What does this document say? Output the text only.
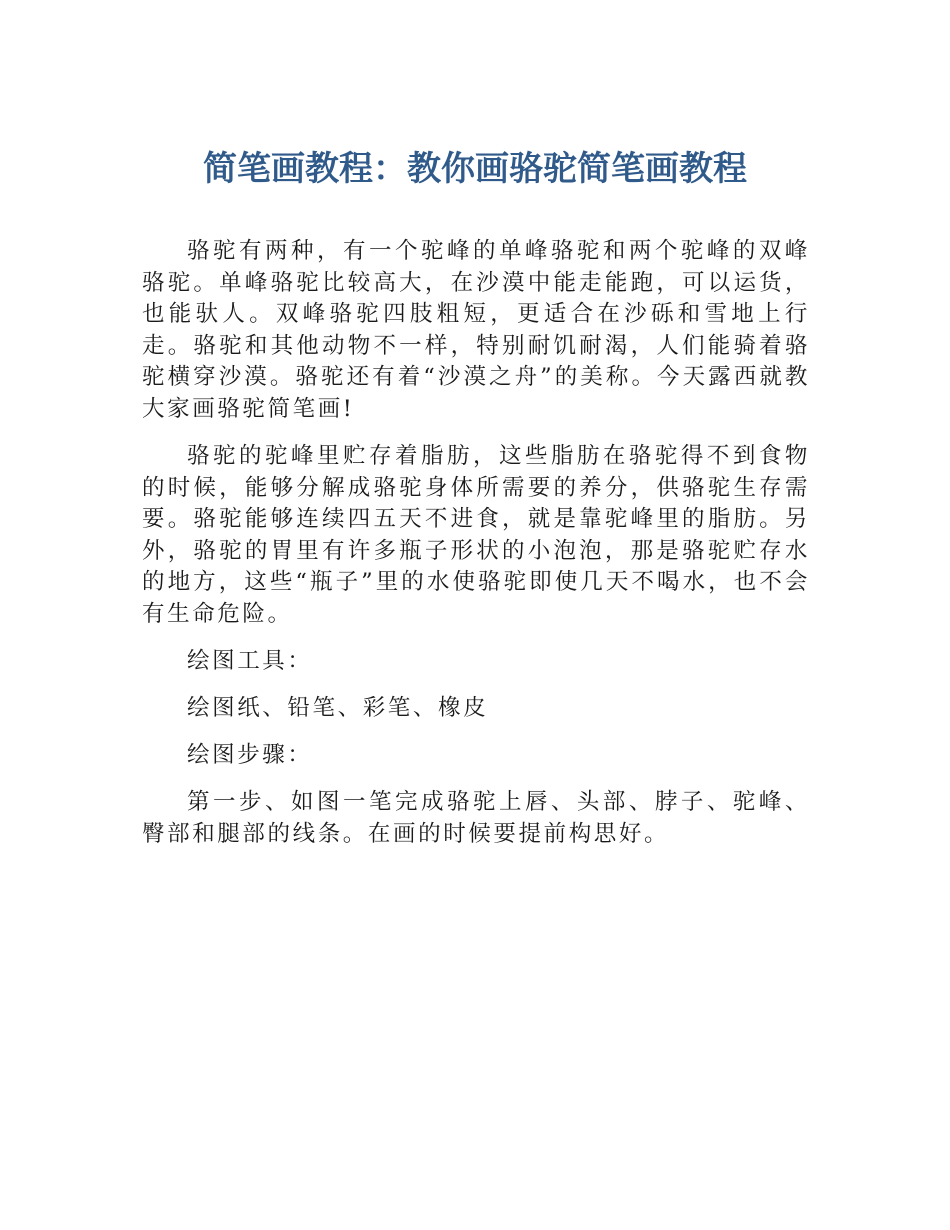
简笔画教程：教你画骆驼简笔画教程

骆驼有两种，有一个驼峰的单峰骆驼和两个驼峰的双峰骆驼。单峰骆驼比较高大，在沙漠中能走能跑，可以运货，也能驮人。双峰骆驼四肢粗短，更适合在沙砾和雪地上行走。骆驼和其他动物不一样，特别耐饥耐渴，人们能骑着骆驼横穿沙漠。骆驼还有着“沙漠之舟”的美称。今天露西就教大家画骆驼简笔画!

骆驼的驼峰里贮存着脂肪，这些脂肪在骆驼得不到食物的时候，能够分解成骆驼身体所需要的养分，供骆驼生存需要。骆驼能够连续四五天不进食，就是靠驼峰里的脂肪。另外，骆驼的胃里有许多瓶子形状的小泡泡，那是骆驼贮存水的地方，这些“瓶子”里的水使骆驼即使几天不喝水，也不会有生命危险。

绘图工具：

绘图纸、铅笔、彩笔、橡皮

绘图步骤：

第一步、如图一笔完成骆驼上唇、头部、脖子、驼峰、臀部和腿部的线条。在画的时候要提前构思好。
